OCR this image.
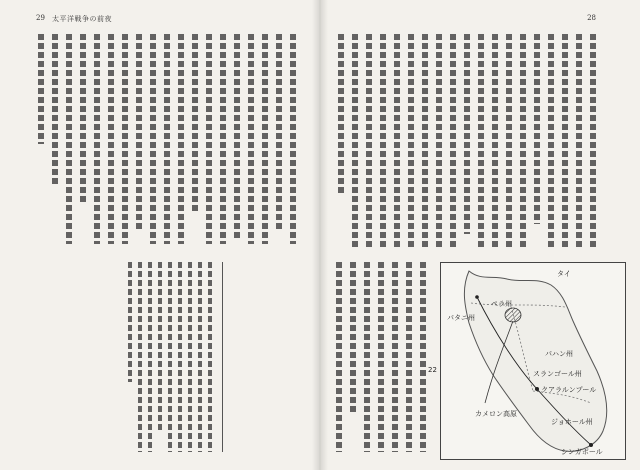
29 太平洋戦争の前夜	28
22
タイ
ペラ州
パタニ州
パハン州
スランゴール州
クアラルンプール
ジョホール州
シンガポール
カメロン高原
